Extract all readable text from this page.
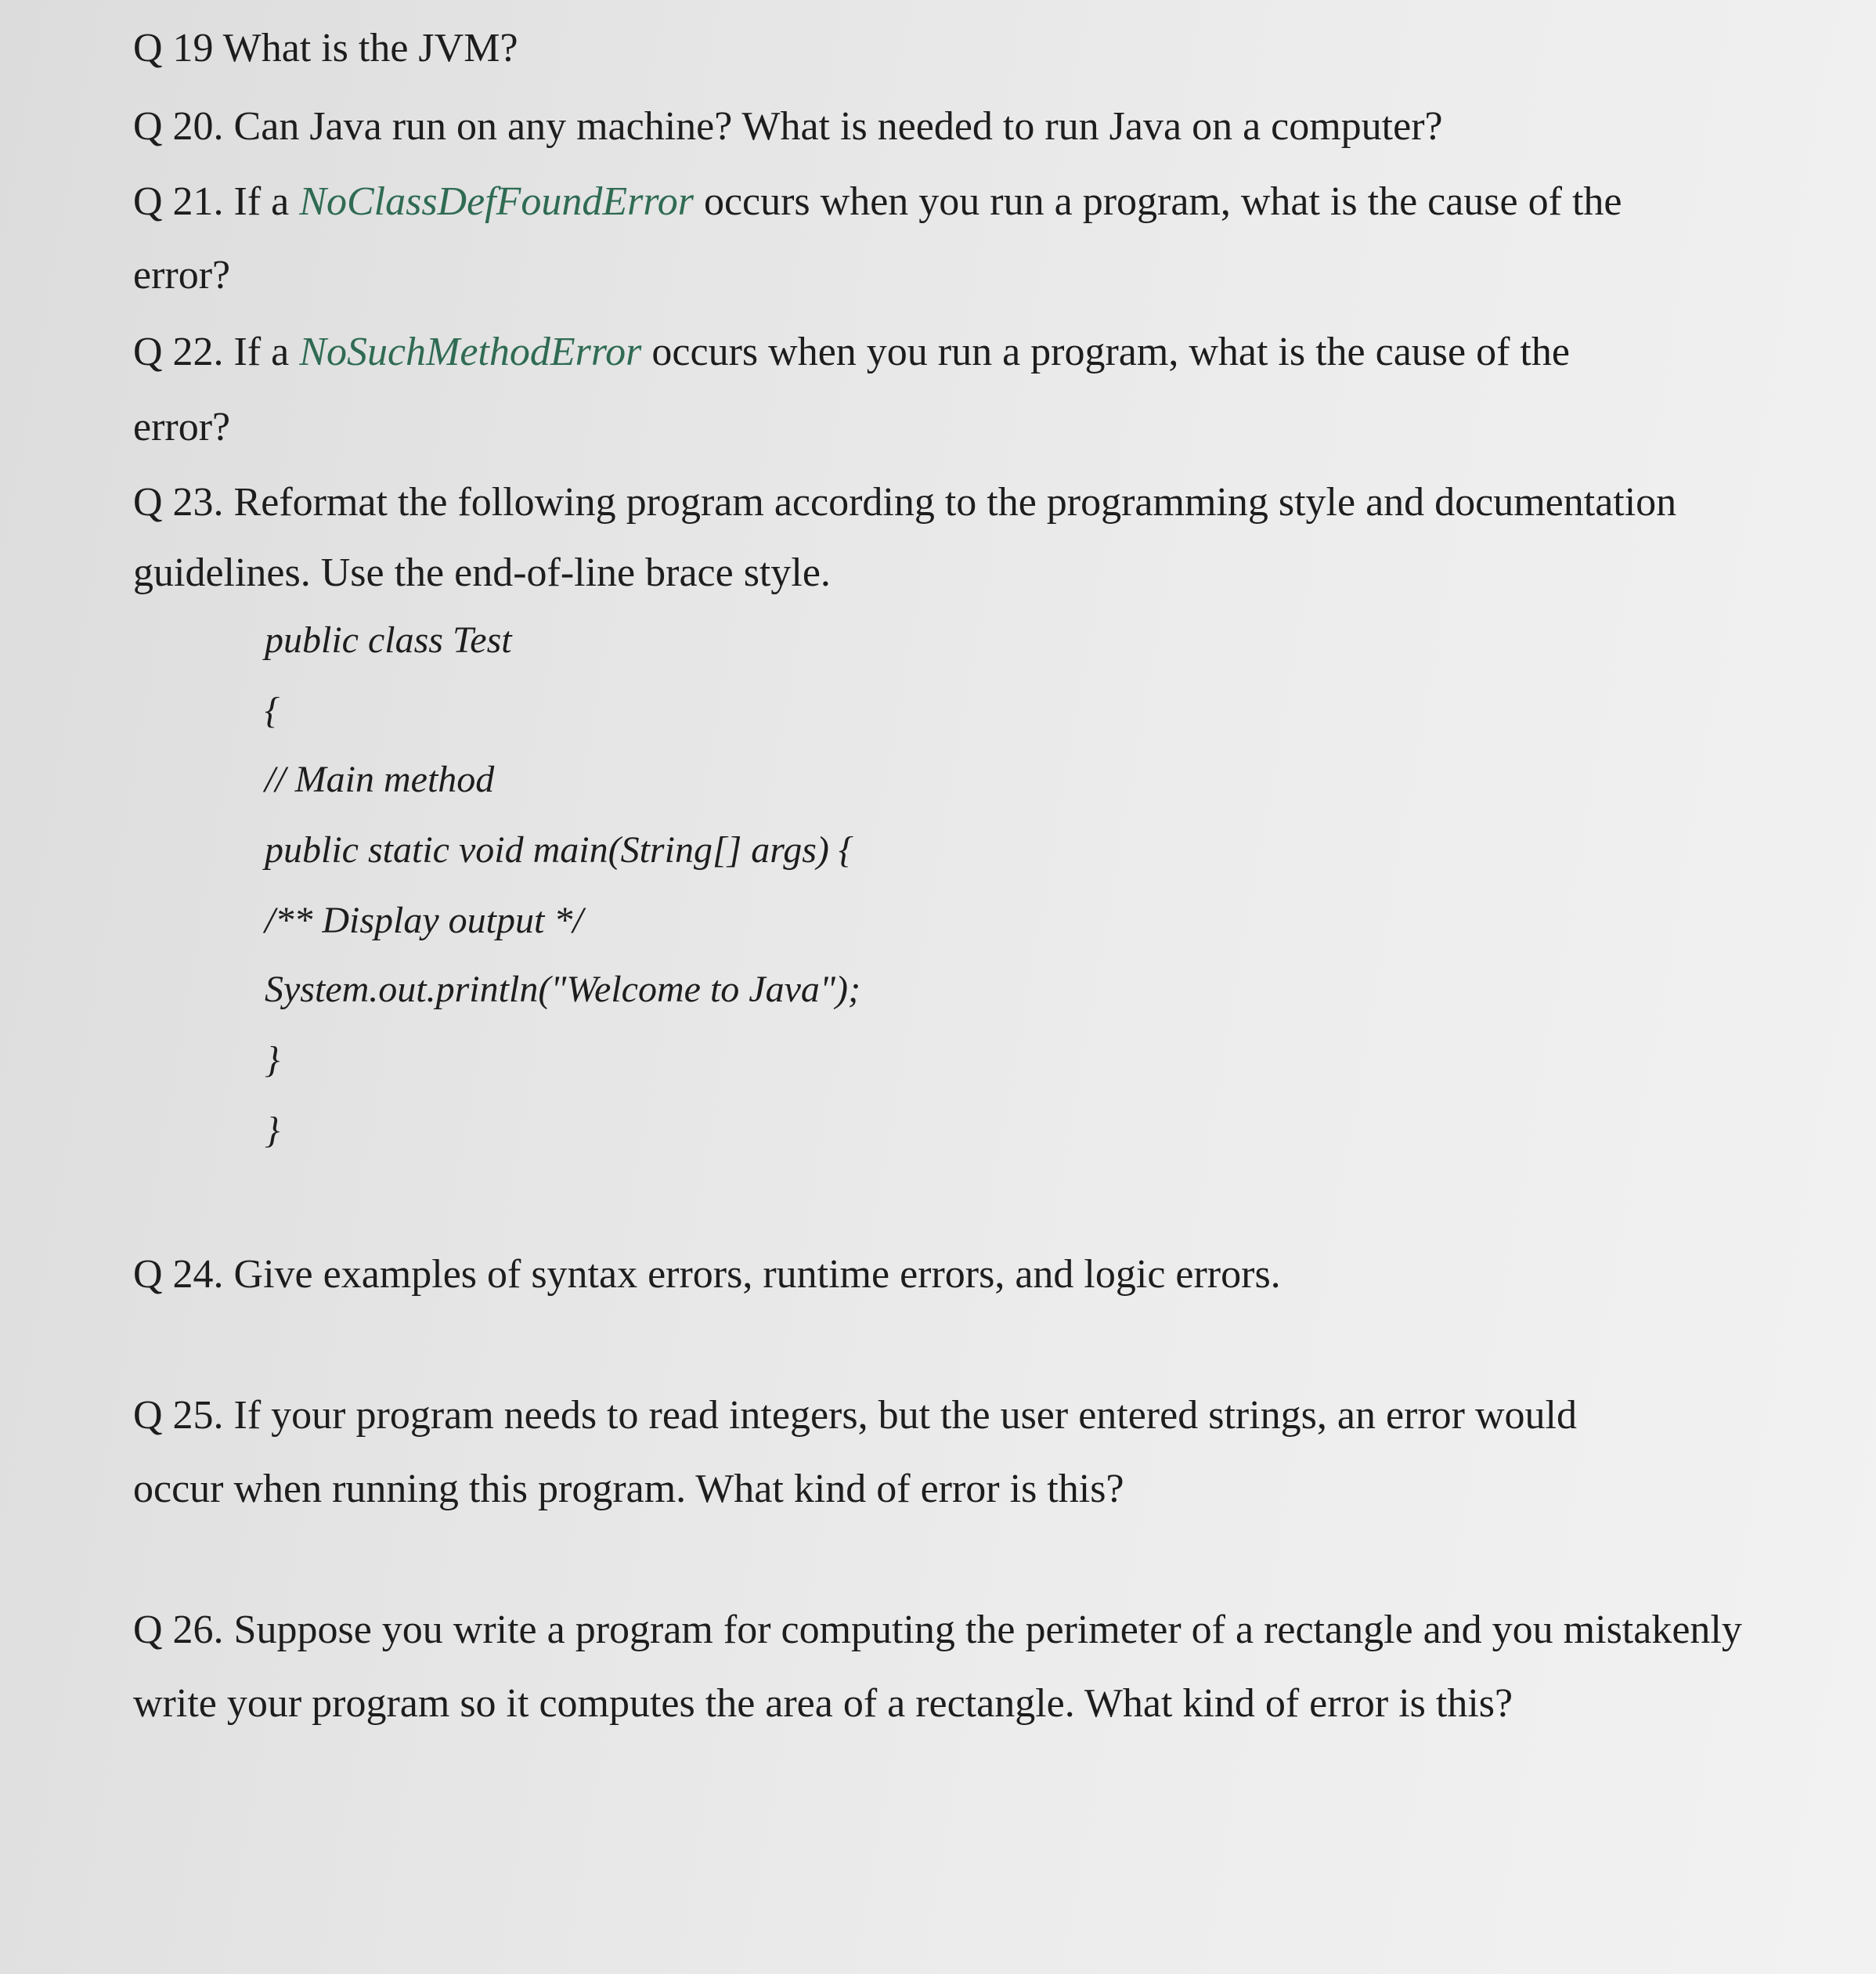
Q 19 What is the JVM?
Q 20. Can Java run on any machine? What is needed to run Java on a computer?
Q 21. If a NoClassDefFoundError occurs when you run a program, what is the cause of the
error?
Q 22. If a NoSuchMethodError occurs when you run a program, what is the cause of the
error?
Q 23. Reformat the following program according to the programming style and documentation
guidelines. Use the end-of-line brace style.
public class Test
{
// Main method
public static void main(String[] args) {
/** Display output */
System.out.println("Welcome to Java");
}
}
Q 24. Give examples of syntax errors, runtime errors, and logic errors.
Q 25. If your program needs to read integers, but the user entered strings, an error would
occur when running this program. What kind of error is this?
Q 26. Suppose you write a program for computing the perimeter of a rectangle and you mistakenly
write your program so it computes the area of a rectangle. What kind of error is this?
